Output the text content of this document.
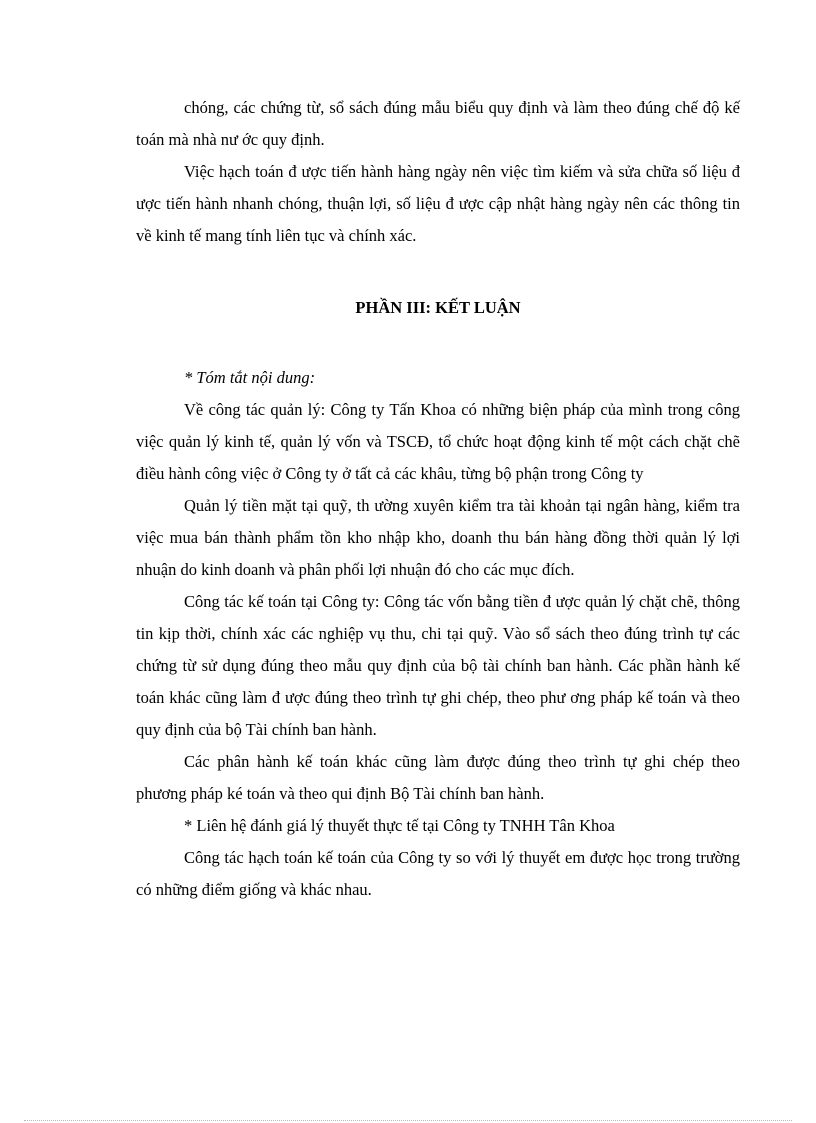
chóng, các chứng từ, sổ sách đúng mẫu biểu quy định và làm theo đúng chế độ kế toán mà nhà nư ớc quy định.

Việc hạch toán đ ược tiến hành hàng ngày nên việc tìm kiếm và sửa chữa số liệu đ ược tiến hành nhanh chóng, thuận lợi, số liệu đ ược cập nhật hàng ngày nên các thông tin về kinh tế mang tính liên tục và chính xác.

PHẦN III: KẾT LUẬN

* Tóm tắt nội dung:

Về công tác quản lý: Công ty Tấn Khoa có những biện pháp của mình trong công việc quản lý kinh tế, quản lý vốn và TSCĐ, tổ chức hoạt động kinh tế một cách chặt chẽ điều hành công việc ở Công ty ở tất cả các khâu, từng bộ phận trong Công ty

Quản lý tiền mặt tại quỹ, th ường xuyên kiểm tra tài khoản tại ngân hàng, kiểm tra việc mua bán thành phẩm tồn kho nhập kho, doanh thu bán hàng đồng thời quản lý lợi nhuận do kinh doanh và phân phối lợi nhuận đó cho các mục đích.

Công tác kế toán tại Công ty: Công tác vốn bằng tiền đ ược quản lý chặt chẽ, thông tin kịp thời, chính xác các nghiệp vụ thu, chi tại quỹ. Vào sổ sách theo đúng trình tự các chứng từ sử dụng đúng theo mẫu quy định của bộ tài chính ban hành. Các phần hành kế toán khác cũng làm đ ược đúng theo trình tự ghi chép, theo phư ơng pháp kế toán và theo quy định của bộ Tài chính ban hành.

Các phân hành kế toán khác cũng làm được đúng theo trình tự ghi chép theo phương pháp ké toán và theo qui định Bộ Tài chính ban hành.

* Liên hệ đánh giá lý thuyết thực tế tại Công ty TNHH Tân Khoa

Công tác hạch toán kế toán của Công ty so với lý thuyết em được học trong trường có những điểm giống và khác nhau.
